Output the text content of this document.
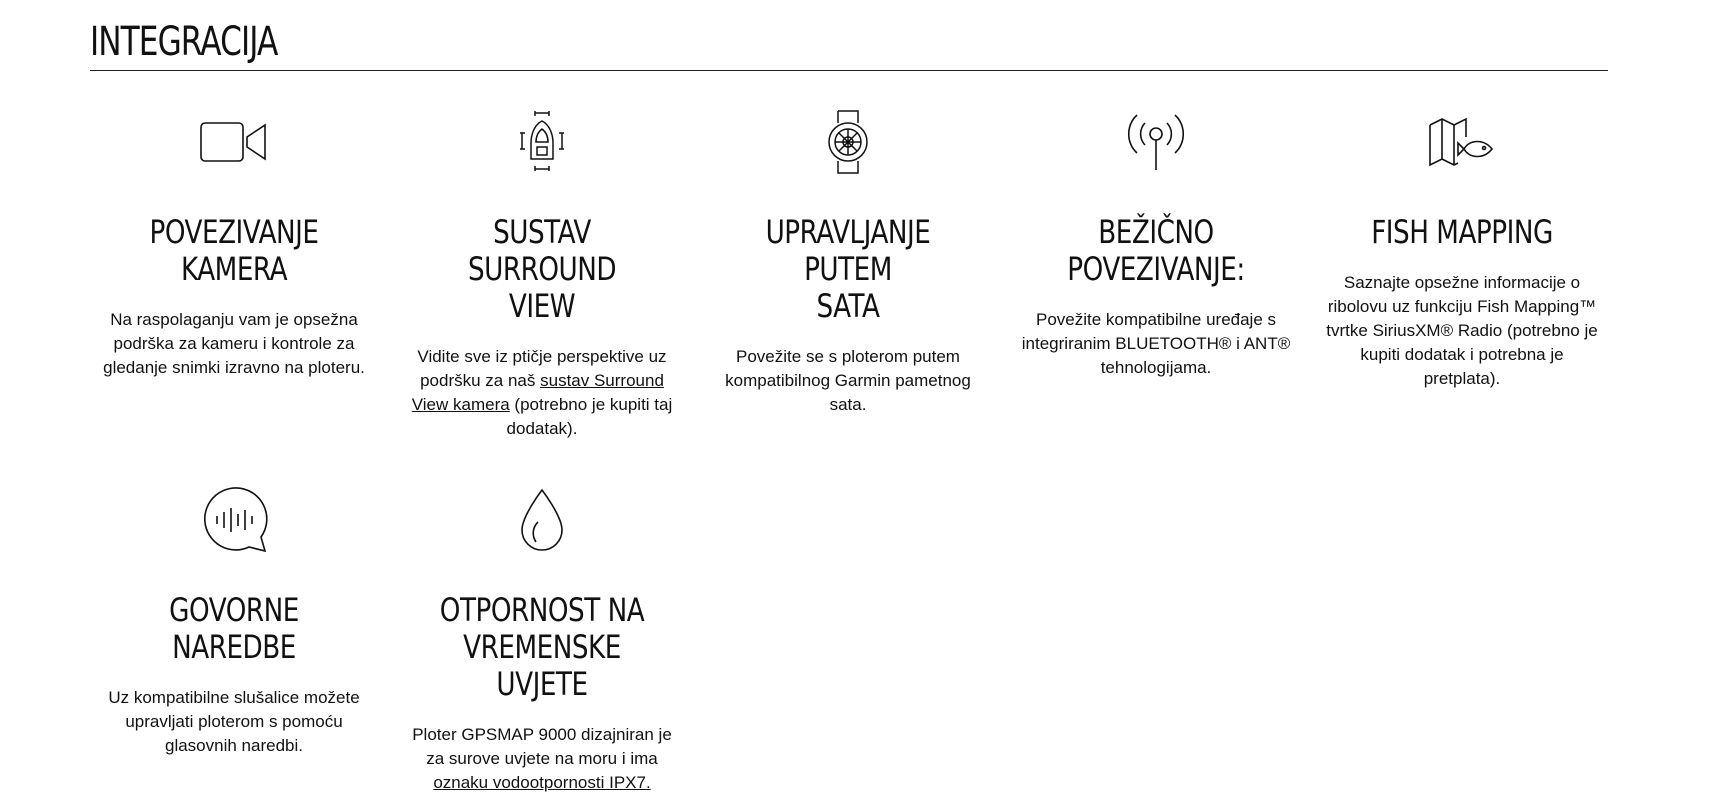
INTEGRACIJA
POVEZIVANJE KAMERA

Na raspolaganju vam je opsežna podrška za kameru i kontrole za gledanje snimki izravno na ploteru.

SUSTAV SURROUND
VIEW

Vidite sve iz ptičje perspektive uz podršku za naš sustav Surround View kamera (potrebno je kupiti taj dodatak).

UPRAVLJANJE PUTEM
SATA

Povežite se s ploterom putem kompatibilnog Garmin pametnog sata.

BEŽIČNO POVEZIVANJE:

Povežite kompatibilne uređaje s integriranim BLUETOOTH® i ANT® tehnologijama.

FISH MAPPING

Saznajte opsežne informacije o ribolovu uz funkciju Fish Mapping™ tvrtke SiriusXM® Radio (potrebno je kupiti dodatak i potrebna je pretplata).

GOVORNE NAREDBE

Uz kompatibilne slušalice možete upravljati ploterom s pomoću glasovnih naredbi.

OTPORNOST NA
VREMENSKE UVJETE

Ploter GPSMAP 9000 dizajniran je za surove uvjete na moru i ima oznaku vodootpornosti IPX7.
